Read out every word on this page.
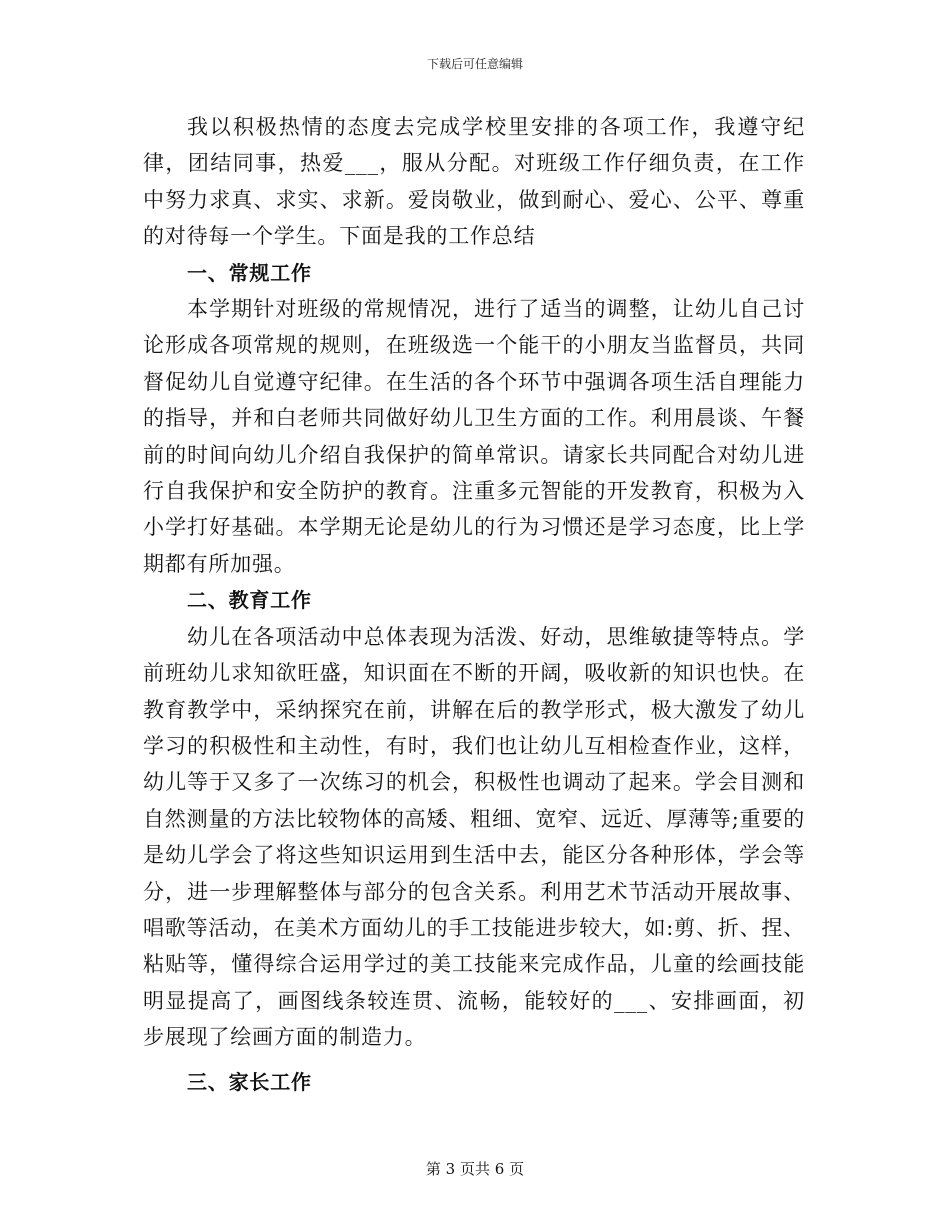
下载后可任意编辑

我以积极热情的态度去完成学校里安排的各项工作，我遵守纪律，团结同事，热爱___，服从分配。对班级工作仔细负责，在工作中努力求真、求实、求新。爱岗敬业，做到耐心、爱心、公平、尊重的对待每一个学生。下面是我的工作总结

一、常规工作

本学期针对班级的常规情况，进行了适当的调整，让幼儿自己讨论形成各项常规的规则，在班级选一个能干的小朋友当监督员，共同督促幼儿自觉遵守纪律。在生活的各个环节中强调各项生活自理能力的指导，并和白老师共同做好幼儿卫生方面的工作。利用晨谈、午餐前的时间向幼儿介绍自我保护的简单常识。请家长共同配合对幼儿进行自我保护和安全防护的教育。注重多元智能的开发教育，积极为入小学打好基础。本学期无论是幼儿的行为习惯还是学习态度，比上学期都有所加强。

二、教育工作

幼儿在各项活动中总体表现为活泼、好动，思维敏捷等特点。学前班幼儿求知欲旺盛，知识面在不断的开阔，吸收新的知识也快。在教育教学中，采纳探究在前，讲解在后的教学形式，极大激发了幼儿学习的积极性和主动性，有时，我们也让幼儿互相检查作业，这样，幼儿等于又多了一次练习的机会，积极性也调动了起来。学会目测和自然测量的方法比较物体的高矮、粗细、宽窄、远近、厚薄等;重要的是幼儿学会了将这些知识运用到生活中去，能区分各种形体，学会等分，进一步理解整体与部分的包含关系。利用艺术节活动开展故事、唱歌等活动，在美术方面幼儿的手工技能进步较大，如:剪、折、捏、粘贴等，懂得综合运用学过的美工技能来完成作品，儿童的绘画技能明显提高了，画图线条较连贯、流畅，能较好的___、安排画面，初步展现了绘画方面的制造力。

三、家长工作

第 3 页共 6 页
